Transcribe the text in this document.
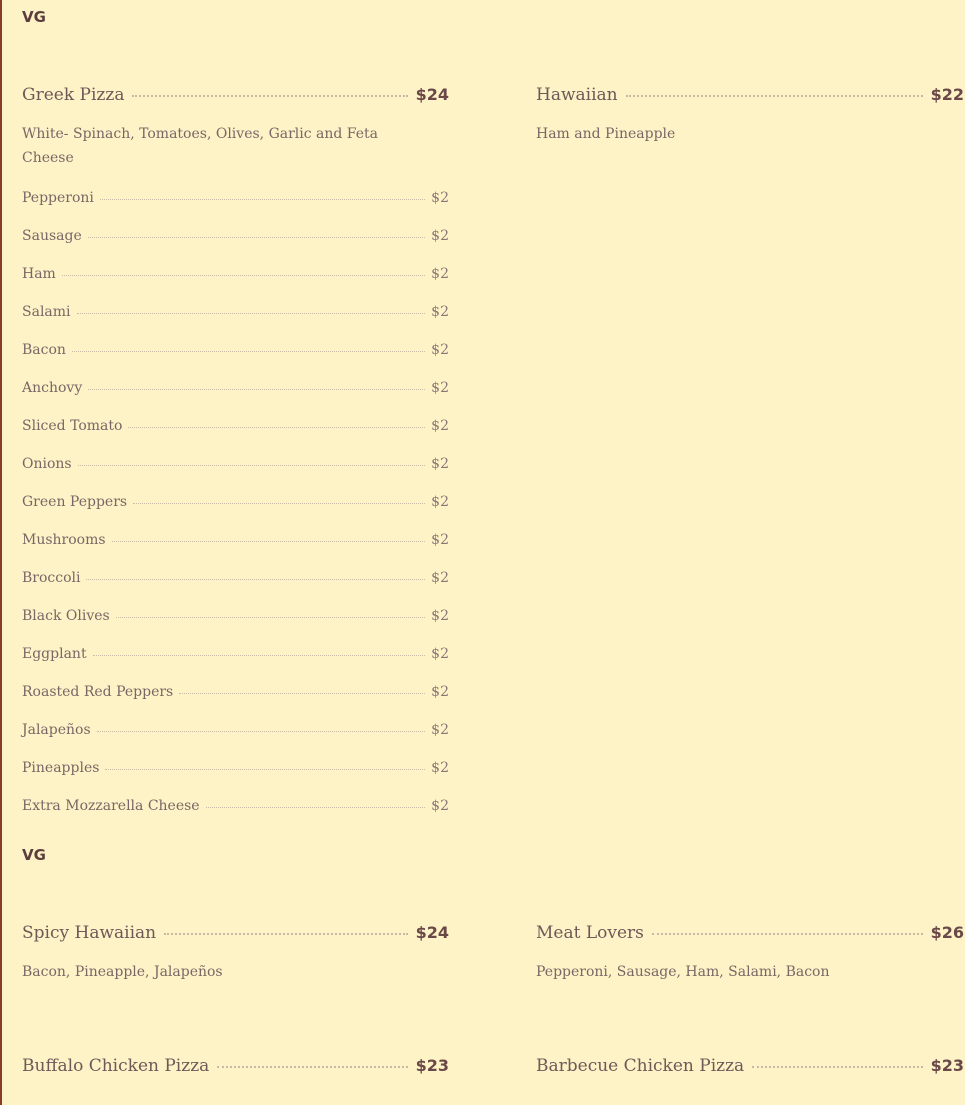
VG
Greek Pizza	$24
White- Spinach, Tomatoes, Olives, Garlic and Feta Cheese
Hawaiian	$22
Ham and Pineapple
Pepperoni	$2
Sausage	$2
Ham	$2
Salami	$2
Bacon	$2
Anchovy	$2
Sliced Tomato	$2
Onions	$2
Green Peppers	$2
Mushrooms	$2
Broccoli	$2
Black Olives	$2
Eggplant	$2
Roasted Red Peppers	$2
Jalapeños	$2
Pineapples	$2
Extra Mozzarella Cheese	$2
VG
Spicy Hawaiian	$24
Bacon, Pineapple, Jalapeños
Meat Lovers	$26
Pepperoni, Sausage, Ham, Salami, Bacon
Buffalo Chicken Pizza	$23	Barbecue Chicken Pizza	$23
